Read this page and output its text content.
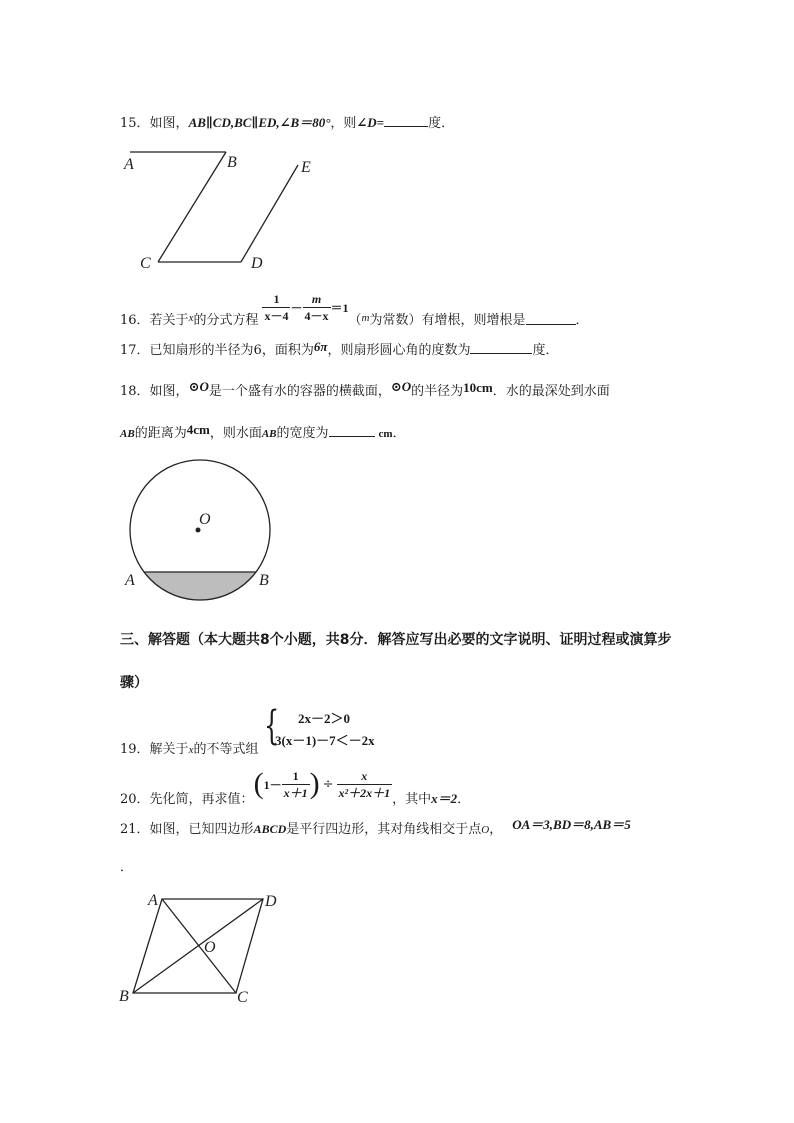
15．如图，AB∥CD,BC∥ED,∠B＝80°，则∠D=	度．
A	B	E
C	D
16． 若关于 x 的分式方程 $\frac{1}{x-4} - \frac{m}{4-x} =1$
（ m 为常数）有增根，则增根是	．
17．已知扇形的半径为6，面积为6π，则扇形圆心角的度数为	度．
18．如图，⊙O是一个盛有水的容器的横截面，⊙O的半径为10cm．水的最深处到水面
AB的距离为4cm，则水面AB的宽度为	cm．
O
A	B
三、解答题（本大题共8个小题，共8分．解答应写出必要的文字说明、证明过程或演算步
骤）
19．解关于x的不等式组
{ 2x－2＞0
3(x－1)－7＜－2x
20． 先化简，再求值： ( $1- \frac{1}{x+1}$ ) ÷ $\frac{x}{\text{x²＋2x＋1}}$ ，其中 x＝2 ．
21．如图，已知四边形ABCD是平行四边形，其对角线相交于点O， OA＝3,BD＝8,AB＝5
．
A	D
O
B	C
